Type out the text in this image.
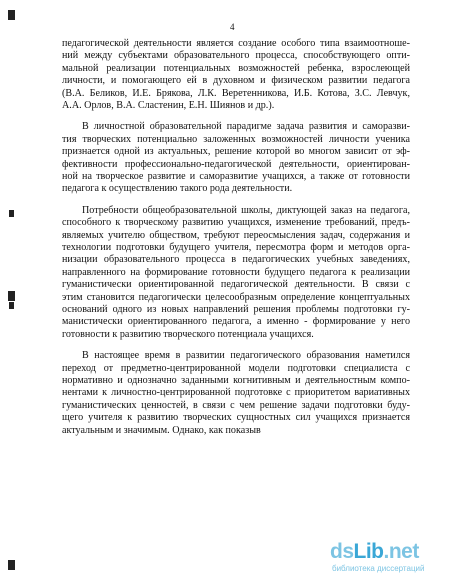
4
педагогической деятельности является создание особого типа взаимоотноше-
ний между субъектами образовательного процесса, способствующего опти-
мальной реализации потенциальных возможностей ребенка, взрослеющей
личности, и помогающего ей в духовном и физическом развитии педагога
(В.А. Беликов, И.Е. Брякова, Л.К. Веретенникова, И.Б. Котова, З.С. Левчук,
А.А. Орлов, В.А. Сластенин, Е.Н. Шиянов и др.).
В личностной образовательной парадигме задача развития и саморазви-
тия творческих потенциально заложенных возможностей личности ученика
признается одной из актуальных, решение которой во многом зависит от эф-
фективности профессионально-педагогической деятельности, ориентирован-
ной на творческое развитие и саморазвитие учащихся, а также от готовности
педагога к осуществлению такого рода деятельности.
Потребности общеобразовательной школы, диктующей заказ на педагога,
способного к творческому развитию учащихся, изменение требований, предъ-
являемых учителю обществом, требуют переосмысления задач, содержания и
технологии подготовки будущего учителя, пересмотра форм и методов орга-
низации образовательного процесса в педагогических учебных заведениях,
направленного на формирование готовности будущего педагога к реализации
гуманистически ориентированной педагогической деятельности. В связи с
этим становится педагогически целесообразным определение концептуальных
оснований одного из новых направлений решения проблемы подготовки гу-
манистически ориентированного педагога, а именно - формирование у него
готовности к развитию творческого потенциала учащихся.
В настоящее время в развитии педагогического образования наметился
переход от предметно-центрированной модели подготовки специалиста с
нормативно и однозначно заданными когнитивным и деятельностным компо-
нентами к личностно-центрированной подготовке с приоритетом вариативных
гуманистических ценностей, в связи с чем решение задачи подготовки буду-
щего учителя к развитию творческих сущностных сил учащихся признается
актуальным и значимым. Однако, как показыв
dsLib.net
библиотека диссертаций
